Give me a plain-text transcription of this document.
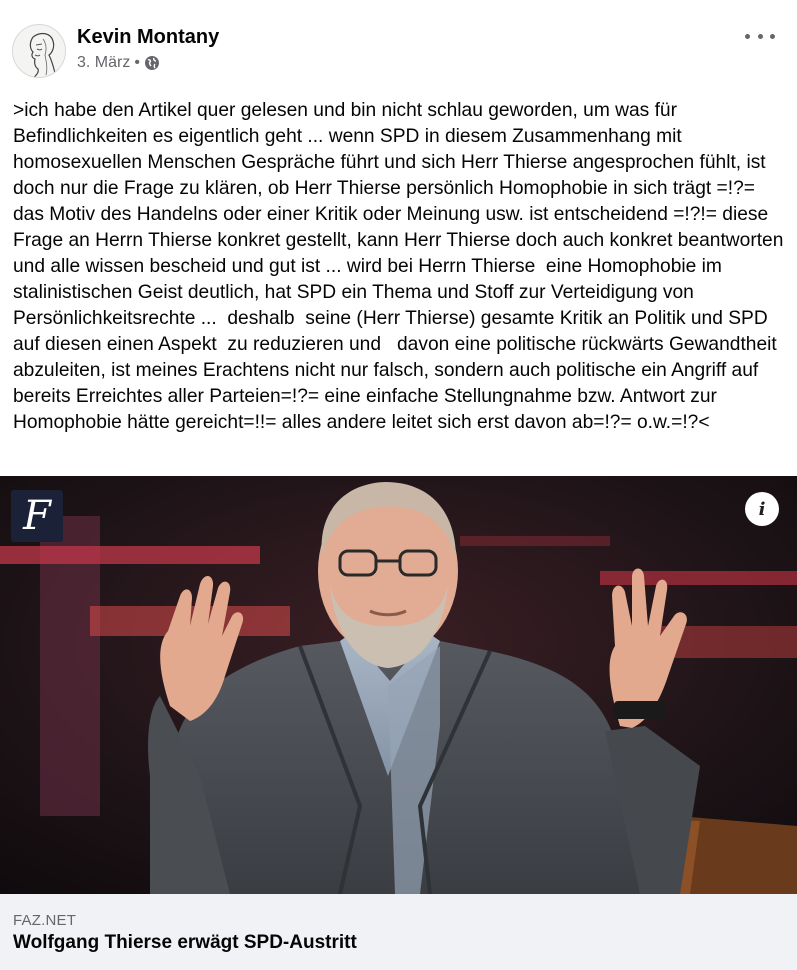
Kevin Montany
3. März •
>ich habe den Artikel quer gelesen und bin nicht schlau geworden, um was für Befindlichkeiten es eigentlich geht ... wenn SPD in diesem Zusammenhang mit homosexuellen Menschen Gespräche führt und sich Herr Thierse angesprochen fühlt, ist doch nur die Frage zu klären, ob Herr Thierse persönlich Homophobie in sich trägt =!?= das Motiv des Handelns oder einer Kritik oder Meinung usw. ist entscheidend =!?!= diese Frage an Herrn Thierse konkret gestellt, kann Herr Thierse doch auch konkret beantworten und alle wissen bescheid und gut ist ... wird bei Herrn Thierse  eine Homophobie im stalinistischen Geist deutlich, hat SPD ein Thema und Stoff zur Verteidigung von Persönlichkeitsrechte ...  deshalb  seine (Herr Thierse) gesamte Kritik an Politik und SPD auf diesen einen Aspekt  zu reduzieren und   davon eine politische rückwärts Gewandtheit abzuleiten, ist meines Erachtens nicht nur falsch, sondern auch politische ein Angriff auf bereits Erreichtes aller Parteien=!?= eine einfache Stellungnahme bzw. Antwort zur Homophobie hätte gereicht=!!= alles andere leitet sich erst davon ab=!?= o.w.=!?<
F	i
FAZ.NET
Wolfgang Thierse erwägt SPD-Austritt
